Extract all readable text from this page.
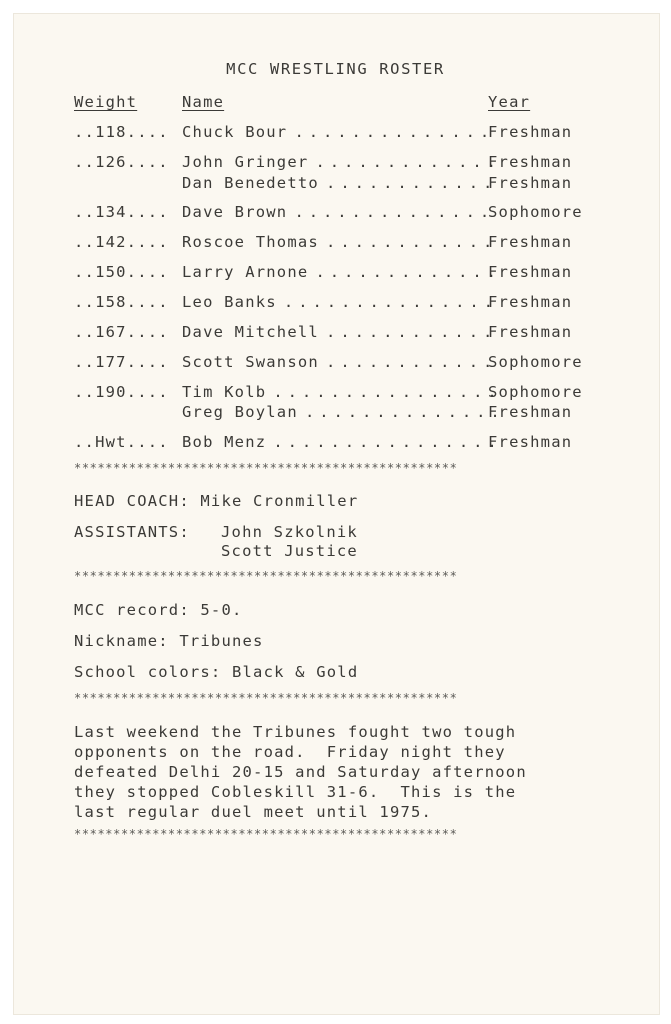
MCC WRESTLING ROSTER
Weight	Name	Year
..118.... Chuck Bour . . .	Freshman
..126.... John Gringer . . .	Freshman
Dan Benedetto . . .	Freshman
..134.... Dave Brown . . .	Sophomore
..142.... Roscoe Thomas . . .	Freshman
..150.... Larry Arnone . . .	Freshman
..158.... Leo Banks . . .	Freshman
..167.... Dave Mitchell . . .	Freshman
..177.... Scott Swanson . . .	Sophomore
..190.... Tim Kolb . . .	Sophomore
Greg Boylan . . .	Freshman
..Hwt.... Bob Menz . . .	Freshman
*************************************************
HEAD COACH: Mike Cronmiller
ASSISTANTS: John Szkolnik
Scott Justice
*************************************************
MCC record: 5-0.
Nickname: Tribunes
School colors: Black & Gold
*************************************************
Last weekend the Tribunes fought two tough
opponents on the road.  Friday night they
defeated Delhi 20-15 and Saturday afternoon
they stopped Cobleskill 31-6.  This is the
last regular duel meet until 1975.
*************************************************
